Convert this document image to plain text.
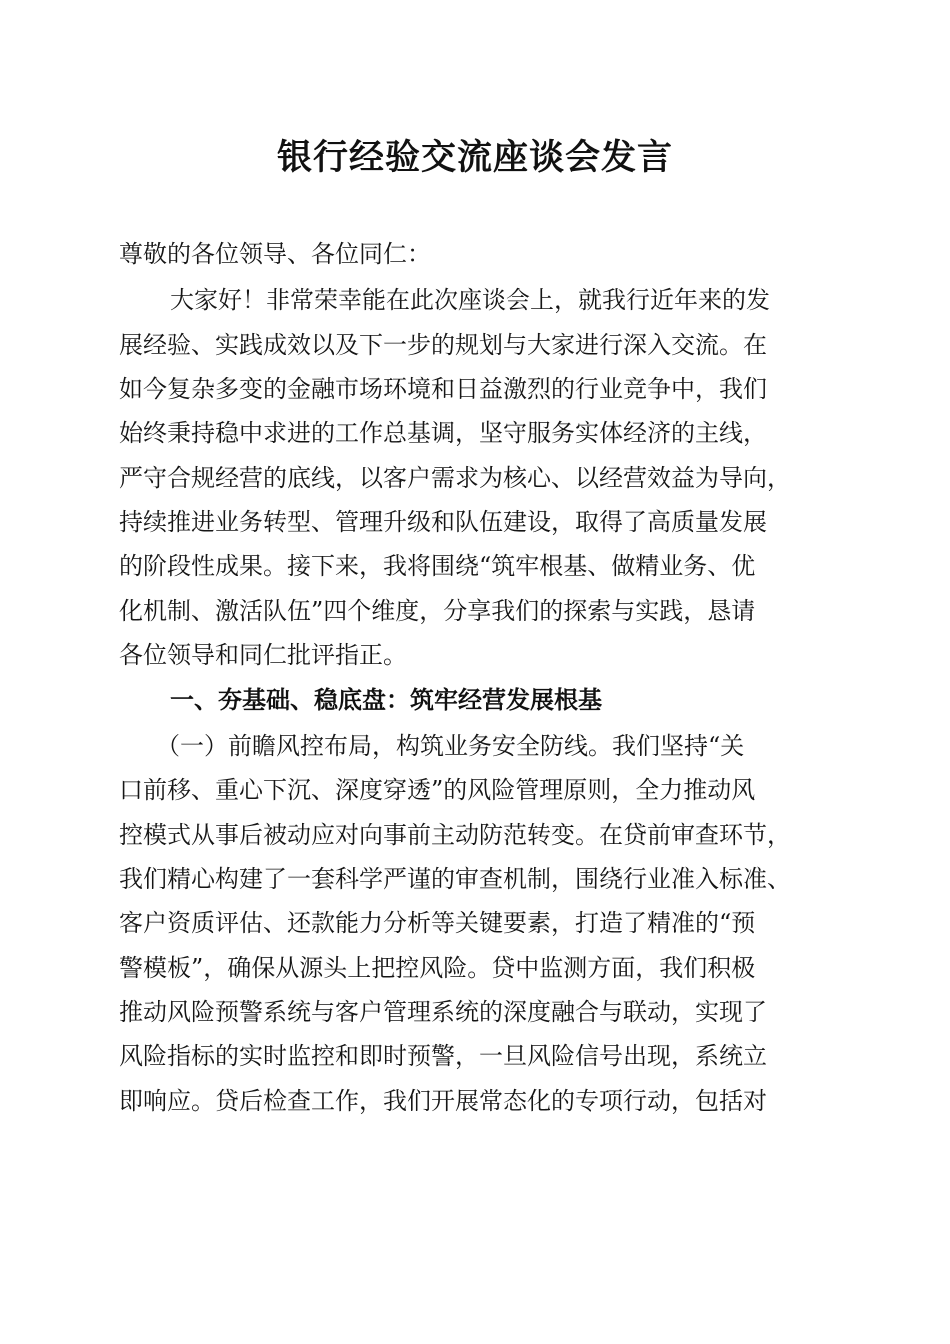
银行经验交流座谈会发言
尊敬的各位领导、各位同仁：
大家好！非常荣幸能在此次座谈会上，就我行近年来的发
展经验、实践成效以及下一步的规划与大家进行深入交流。在
如今复杂多变的金融市场环境和日益激烈的行业竞争中，我们
始终秉持稳中求进的工作总基调，坚守服务实体经济的主线，
严守合规经营的底线，以客户需求为核心、以经营效益为导向，
持续推进业务转型、管理升级和队伍建设，取得了高质量发展
的阶段性成果。接下来，我将围绕“筑牢根基、做精业务、优
化机制、激活队伍”四个维度，分享我们的探索与实践，恳请
各位领导和同仁批评指正。
一、夯基础、稳底盘：筑牢经营发展根基
（一）前瞻风控布局，构筑业务安全防线。我们坚持“关
口前移、重心下沉、深度穿透”的风险管理原则，全力推动风
控模式从事后被动应对向事前主动防范转变。在贷前审查环节，
我们精心构建了一套科学严谨的审查机制，围绕行业准入标准、
客户资质评估、还款能力分析等关键要素，打造了精准的“预
警模板”，确保从源头上把控风险。贷中监测方面，我们积极
推动风险预警系统与客户管理系统的深度融合与联动，实现了
风险指标的实时监控和即时预警，一旦风险信号出现，系统立
即响应。贷后检查工作，我们开展常态化的专项行动，包括对
